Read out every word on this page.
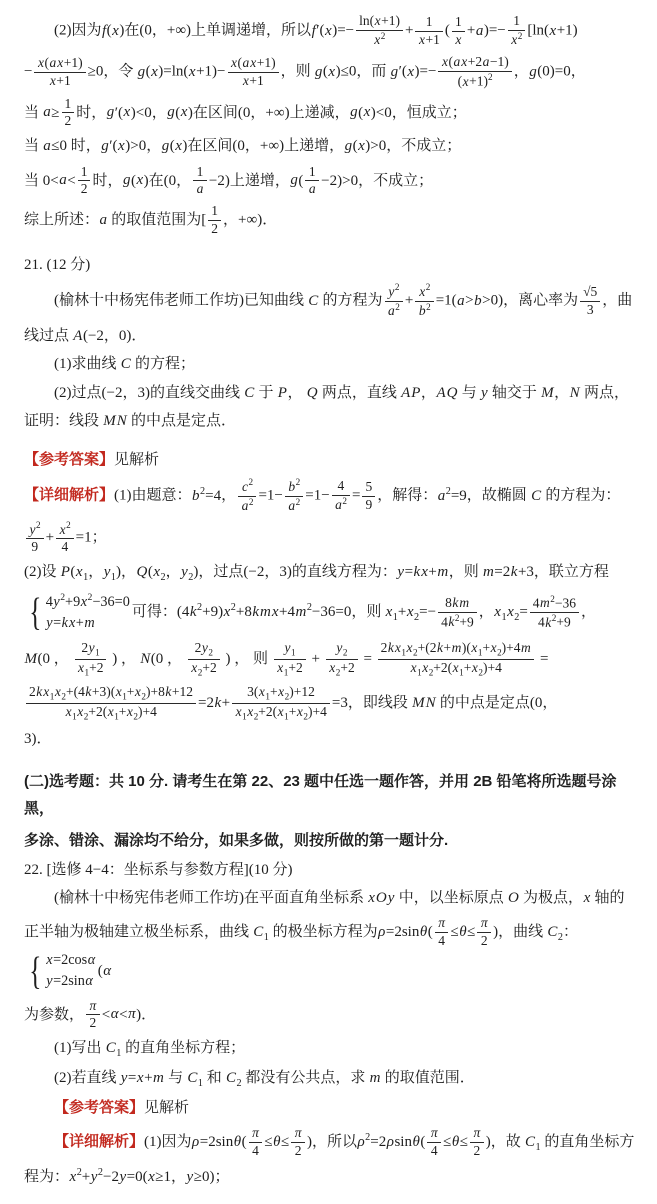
(2)因为f(x)在(0，+∞)上单调递增，所以$f'(x)=- \frac{\ln(x+1)}{x^2} + \frac{1}{x+1}$ ( $\frac{1}{x} +a)=- \frac{1}{x^2} [\ln(x+1)$
− $\frac{x(ax+1)}{x+1} \ge 0$，令 $g(x)=\ln(x+1)- \frac{x(ax+1)}{x+1}$ ，则 g(x)≤0，而 $g'(x)=- \frac{x(ax+2a-1)}{(x+1)^2}$ ，g(0)=0，
当 $a\ge \frac{1}{2}$ 时，g′(x)<0，g(x)在区间(0，+∞)上递减，g(x)<0，恒成立；
当 a≤0 时，g′(x)>0，g(x)在区间(0，+∞)上递增，g(x)>0，不成立；
当 $0<a< \frac{1}{2}$ 时，g(x)在(0， $\frac{1}{a} -2$)上递增，$g( \frac{1}{a} -2)>0$，不成立；
综上所述：a 的取值范围为[ $\frac{1}{2}$ ，+∞)．
21. (12 分)
(榆林十中杨宪伟老师工作坊)已知曲线 C 的方程为 $\frac{y^2}{a^2} + \frac{x^2}{b^2} =1(a>b>0)$，离心率为 $\frac{√5}{3}$ ，曲
线过点 A(−2，0)．
(1)求曲线 C 的方程；
(2)过点(−2，3)的直线交曲线 C 于 P， Q 两点，直线 AP，AQ 与 y 轴交于 M，N 两点，
证明：线段 MN 的中点是定点．
【参考答案】见解析
【详细解析】(1)由题意：$b^2=4$， $\frac{c^2}{a^2} =1- \frac{b^2}{a^2} =1- \frac{4}{a^2} = \frac{5}{9}$ ，解得：$a^2=9$，故椭圆 C 的方程为：
$\frac{y^2}{9} + \frac{x^2}{4} =1$；
(2)设 $P(x_1$，$y_1$)，$Q(x_2$，$y_2$)，过点(−2，3)的直线方程为：y=kx+m，则 m=2k+3，联立方程
{ $4y^2+9x^2-36=0$
y=kx+m
可得：$(4k^2+9)x^2+8kmx+4m^2-36=0$，则 $x_1+x_2=- \frac{8km}{4k^2+9}$ ，$x_1x_2= \frac{4m^2-36}{4k^2+9}$ ，
M(0 ， $\frac{2y_1}{x_1+2}$ ) ， N(0 ， $\frac{2y_2}{x_2+2}$ ) ， 则 $\frac{y_1}{x_1+2} + \frac{y_2}{x_2+2} = \frac{2kx_1x_2+(2k+m)(x_1+x_2)+4m}{x_1x_2+2(x_1+x_2)+4}$ =
$\frac{2kx_1x_2+(4k+3)(x_1+x_2)+8k+12}{x_1x_2+2(x_1+x_2)+4} =2k+ \frac{3(x_1+x_2)+12}{x_1x_2+2(x_1+x_2)+4} =3$，即线段 MN 的中点是定点(0，
3)．
(二)选考题：共 10 分. 请考生在第 22、23 题中任选一题作答，并用 2B 铅笔将所选题号涂黑，
多涂、错涂、漏涂均不给分，如果多做，则按所做的第一题计分.
22. [选修 4−4：坐标系与参数方程](10 分)
(榆林十中杨宪伟老师工作坊)在平面直角坐标系 xOy 中，以坐标原点 O 为极点，x 轴的
正半轴为极轴建立极坐标系，曲线 $C_1$ 的极坐标方程为$\rho=2\sin\theta( \frac{\pi}{4} \le\theta\le \frac{\pi}{2}$ )，曲线 $C_2$：
{ x=2cosα
y=2sinα
(α
为参数， $\frac{\pi}{2} <\alpha<\pi$)．
(1)写出 $C_1$ 的直角坐标方程；
(2)若直线 y=x+m 与 $C_1$ 和 $C_2$ 都没有公共点，求 m 的取值范围．
【参考答案】见解析
【详细解析】(1)因为$\rho=2\sin\theta( \frac{\pi}{4} \le\theta\le \frac{\pi}{2}$ )，所以$\rho^2=2\rho\sin\theta( \frac{\pi}{4} \le\theta\le \frac{\pi}{2}$ )，故 $C_1$ 的直角坐标方
程为：$x^2+y^2-2y=0(x\ge 1$，y≥0)；
